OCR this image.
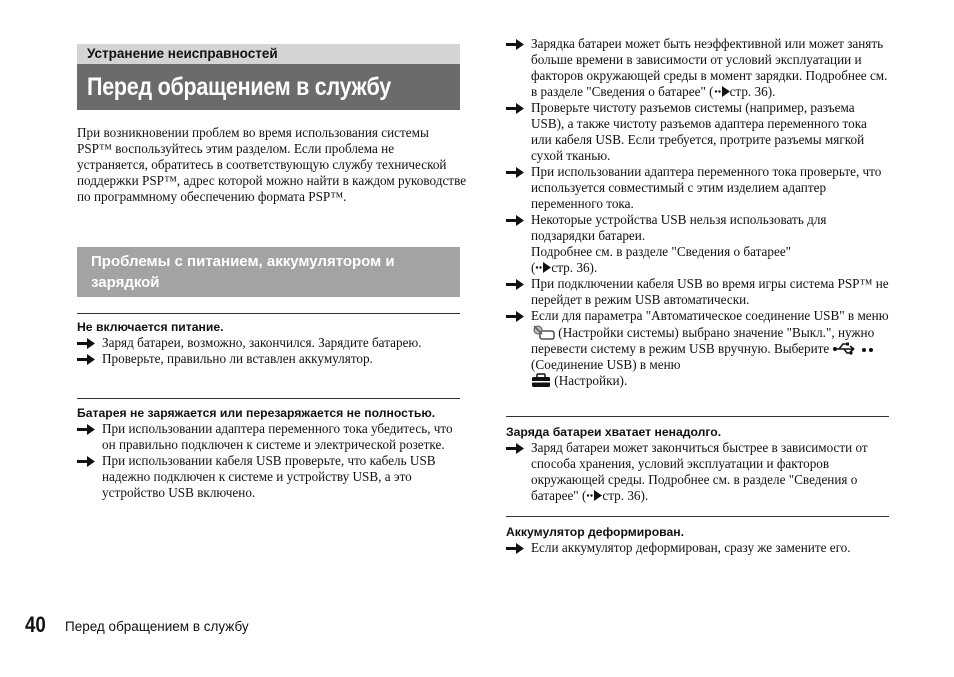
Устранение неисправностей
Перед обращением в службу

При возникновении проблем во время использования системы PSP™ воспользуйтесь этим разделом. Если проблема не устраняется, обратитесь в соответствующую службу технической поддержки PSP™, адрес которой можно найти в каждом руководстве по программному обеспечению формата PSP™.

Проблемы с питанием, аккумулятором и зарядкой
Не включается питание.
Заряд батареи, возможно, закончился. Зарядите батарею.
Проверьте, правильно ли вставлен аккумулятор.
Батарея не заряжается или перезаряжается не полностью.
При использовании адаптера переменного тока убедитесь, что он правильно подключен к системе и электрической розетке.
При использовании кабеля USB проверьте, что кабель USB надежно подключен к системе и устройству USB, а это устройство USB включено.
Зарядка батареи может быть неэффективной или может занять больше времени в зависимости от условий эксплуатации и факторов окружающей среды в момент зарядки. Подробнее см. в разделе "Сведения о батарее" ( стр. 36).
Проверьте чистоту разъемов системы (например, разъема USB), а также чистоту разъемов адаптера переменного тока или кабеля USB. Если требуется, протрите разъемы мягкой сухой тканью.
При использовании адаптера переменного тока проверьте, что используется совместимый с этим изделием адаптер переменного тока.
Некоторые устройства USB нельзя использовать для подзарядки батареи.
Подробнее см. в разделе "Сведения о батарее"
( стр. 36).
При подключении кабеля USB во время игры система PSP™ не перейдет в режим USB автоматически.
Если для параметра "Автоматическое соединение USB" в меню  (Настройки системы) выбрано значение "Выкл.", нужно перевести систему в режим USB вручную. Выберите  (Соединение USB) в меню
(Настройки).
Заряда батареи хватает ненадолго.
Заряд батареи может закончиться быстрее в зависимости от способа хранения, условий эксплуатации и факторов окружающей среды. Подробнее см. в разделе "Сведения о батарее" ( стр. 36).
Аккумулятор деформирован.
Если аккумулятор деформирован, сразу же замените его.
40 Перед обращением в службу
